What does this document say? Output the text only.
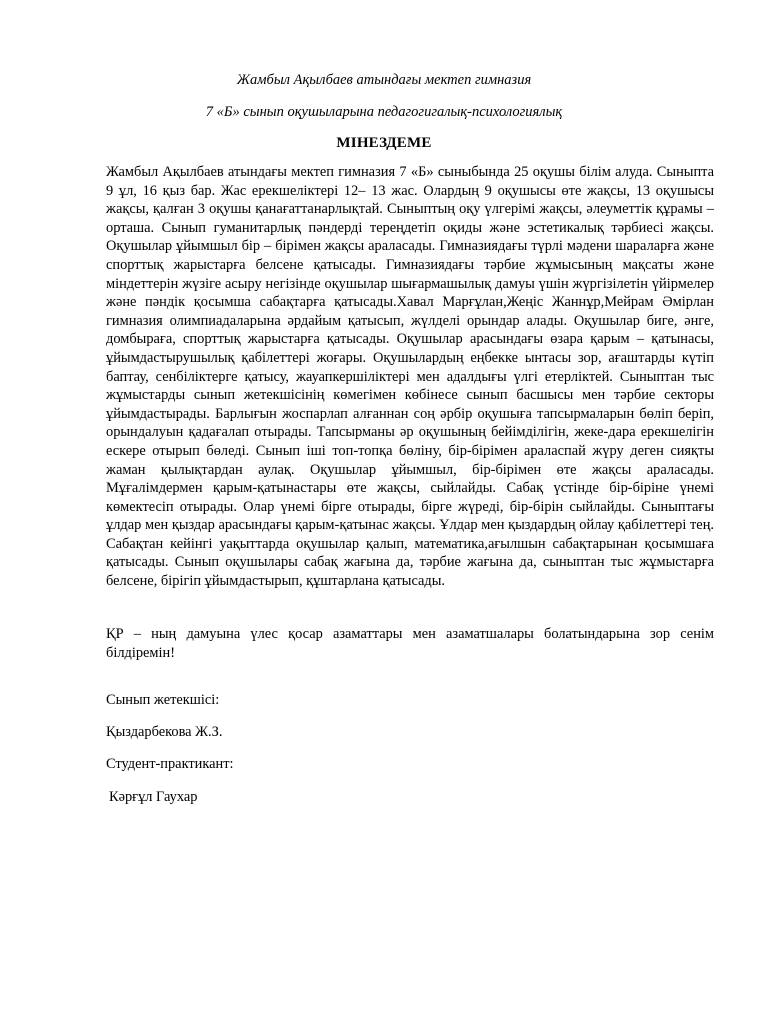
Жамбыл Ақылбаев атындағы мектеп гимназия
7 «Б» сынып оқушыларына педагогигалық-психологиялық
МІНЕЗДЕМЕ

Жамбыл Ақылбаев атындағы мектеп гимназия 7 «Б» сыныбында 25 оқушы білім алуда. Сыныпта 9 ұл, 16 қыз бар. Жас ерекшеліктері 12– 13 жас. Олардың 9 оқушысы өте жақсы, 13 оқушысы жақсы, қалған 3 оқушы қанағаттанарлықтай. Сыныптың оқу үлгерімі жақсы, әлеуметтік құрамы – орташа. Сынып гуманитарлық пәндерді тереңдетіп оқиды және эстетикалық тәрбиесі жақсы. Оқушылар ұйымшыл бір – бірімен жақсы араласады. Гимназиядағы түрлі мәдени шараларға және спорттық жарыстарға белсене қатысады. Гимназиядағы тәрбие жұмысының мақсаты және міндеттерін жүзіге асыру негізінде оқушылар шығармашылық дамуы үшін жүргізілетін үйірмелер және пәндік қосымша сабақтарға қатысады.Хавал Марғұлан,Жеңіс Жаннұр,Мейрам Әмірлан гимназия олимпиадаларына әрдайым қатысып, жүлделі орындар алады. Оқушылар биге, әнге, домбыраға, спорттық жарыстарға қатысады. Оқушылар арасындағы өзара қарым – қатынасы, ұйымдастырушылық қабілеттері жоғары. Оқушылардың еңбекке ынтасы зор, ағаштарды күтіп баптау, сенбіліктерге қатысу, жауапкершіліктері мен адалдығы үлгі етерліктей. Сыныптан тыс жұмыстарды сынып жетекшісінің көмегімен көбінесе сынып басшысы мен тәрбие секторы ұйымдастырады. Барлығын жоспарлап алғаннан соң әрбір оқушыға тапсырмаларын бөліп беріп, орындалуын қадағалап отырады. Тапсырманы әр оқушының бейімділігін, жеке-дара ерекшелігін ескере отырып бөледі. Сынып іші топ-топқа бөліну, бір-бірімен араласпай жүру деген сияқты жаман қылықтардан аулақ. Оқушылар ұйымшыл, бір-бірімен өте жақсы араласады. Мұғалімдермен қарым-қатынастары өте жақсы, сыйлайды. Сабақ үстінде бір-біріне үнемі көмектесіп отырады. Олар үнемі бірге отырады, бірге жүреді, бір-бірін сыйлайды. Сыныптағы ұлдар мен қыздар арасындағы қарым-қатынас жақсы. Ұлдар мен қыздардың ойлау қабілеттері тең. Сабақтан кейінгі уақыттарда оқушылар қалып, математика,ағылшын сабақтарынан қосымшаға қатысады. Сынып оқушылары сабақ жағына да, тәрбие жағына да, сыныптан тыс жұмыстарға белсене, бірігіп ұйымдастырып, құштарлана қатысады.

ҚР – ның дамуына үлес қосар азаматтары мен азаматшалары болатындарына зор сенім білдіремін!

Сынып жетекшісі:
Қыздарбекова Ж.З.
Студент-практикант:
Кәрғұл Гаухар
